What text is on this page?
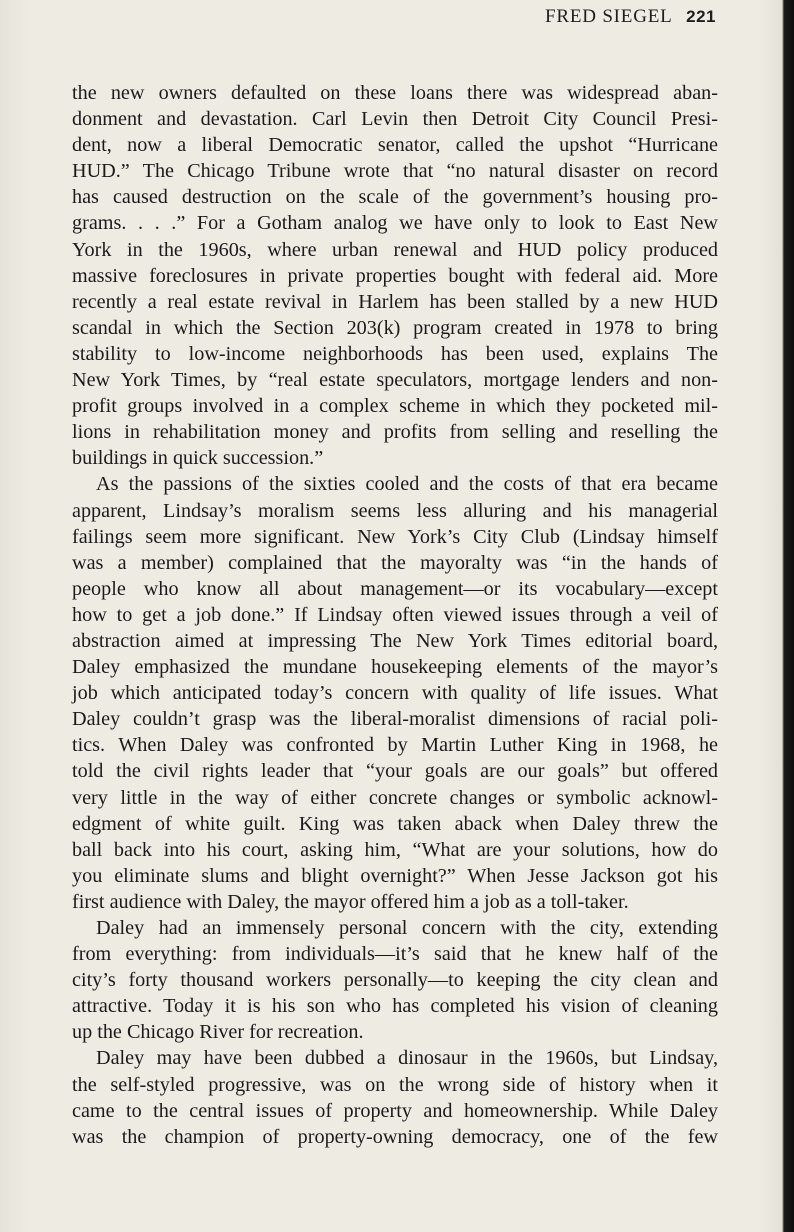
FRED SIEGEL 221
the new owners defaulted on these loans there was widespread aban-
donment and devastation. Carl Levin then Detroit City Council Presi-
dent, now a liberal Democratic senator, called the upshot “Hurricane
HUD.” The Chicago Tribune wrote that “no natural disaster on record
has caused destruction on the scale of the government’s housing pro-
grams. . . .” For a Gotham analog we have only to look to East New
York in the 1960s, where urban renewal and HUD policy produced
massive foreclosures in private properties bought with federal aid. More
recently a real estate revival in Harlem has been stalled by a new HUD
scandal in which the Section 203(k) program created in 1978 to bring
stability to low-income neighborhoods has been used, explains The
New York Times, by “real estate speculators, mortgage lenders and non-
profit groups involved in a complex scheme in which they pocketed mil-
lions in rehabilitation money and profits from selling and reselling the
buildings in quick succession.”
As the passions of the sixties cooled and the costs of that era became
apparent, Lindsay’s moralism seems less alluring and his managerial
failings seem more significant. New York’s City Club (Lindsay himself
was a member) complained that the mayoralty was “in the hands of
people who know all about management—or its vocabulary—except
how to get a job done.” If Lindsay often viewed issues through a veil of
abstraction aimed at impressing The New York Times editorial board,
Daley emphasized the mundane housekeeping elements of the mayor’s
job which anticipated today’s concern with quality of life issues. What
Daley couldn’t grasp was the liberal-moralist dimensions of racial poli-
tics. When Daley was confronted by Martin Luther King in 1968, he
told the civil rights leader that “your goals are our goals” but offered
very little in the way of either concrete changes or symbolic acknowl-
edgment of white guilt. King was taken aback when Daley threw the
ball back into his court, asking him, “What are your solutions, how do
you eliminate slums and blight overnight?” When Jesse Jackson got his
first audience with Daley, the mayor offered him a job as a toll-taker.
Daley had an immensely personal concern with the city, extending
from everything: from individuals—it’s said that he knew half of the
city’s forty thousand workers personally—to keeping the city clean and
attractive. Today it is his son who has completed his vision of cleaning
up the Chicago River for recreation.
Daley may have been dubbed a dinosaur in the 1960s, but Lindsay,
the self-styled progressive, was on the wrong side of history when it
came to the central issues of property and homeownership. While Daley
was the champion of property-owning democracy, one of the few
